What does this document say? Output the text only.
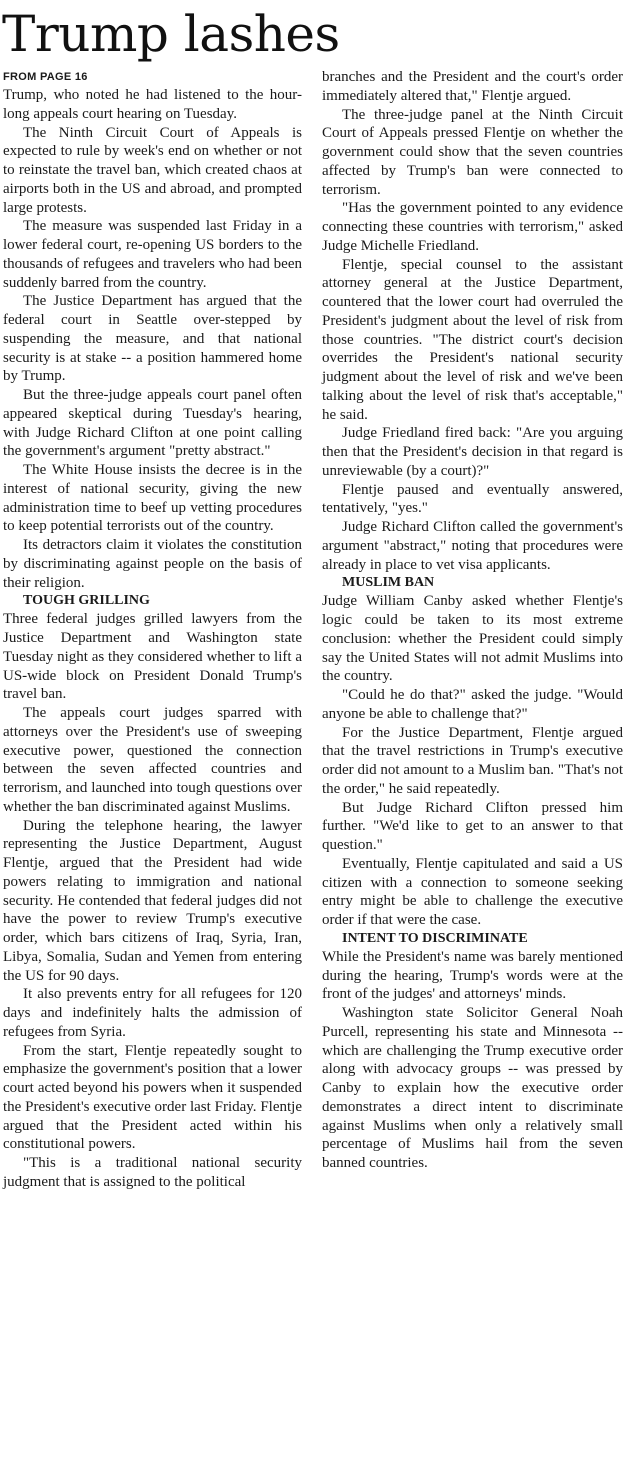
Trump lashes
FROM PAGE 16

Trump, who noted he had listened to the hour-long appeals court hearing on Tuesday.

The Ninth Circuit Court of Appeals is expected to rule by week's end on whether or not to reinstate the travel ban, which created chaos at airports both in the US and abroad, and prompted large protests.

The measure was suspended last Friday in a lower federal court, re-opening US borders to the thousands of refugees and travelers who had been suddenly barred from the country.

The Justice Department has argued that the federal court in Seattle over-stepped by suspending the measure, and that national security is at stake -- a position hammered home by Trump.

But the three-judge appeals court panel often appeared skeptical during Tuesday's hearing, with Judge Richard Clifton at one point calling the government's argument "pretty abstract."

The White House insists the decree is in the interest of national security, giving the new administration time to beef up vetting procedures to keep potential terrorists out of the country.

Its detractors claim it violates the constitution by discriminating against people on the basis of their religion.

TOUGH GRILLING

Three federal judges grilled lawyers from the Justice Department and Washington state Tuesday night as they considered whether to lift a US-wide block on President Donald Trump's travel ban.

The appeals court judges sparred with attorneys over the President's use of sweeping executive power, questioned the connection between the seven affected countries and terrorism, and launched into tough questions over whether the ban discriminated against Muslims.

During the telephone hearing, the lawyer representing the Justice Department, August Flentje, argued that the President had wide powers relating to immigration and national security. He contended that federal judges did not have the power to review Trump's executive order, which bars citizens of Iraq, Syria, Iran, Libya, Somalia, Sudan and Yemen from entering the US for 90 days.

It also prevents entry for all refugees for 120 days and indefinitely halts the admission of refugees from Syria.

From the start, Flentje repeatedly sought to emphasize the government's position that a lower court acted beyond his powers when it suspended the President's executive order last Friday. Flentje argued that the President acted within his constitutional powers.

"This is a traditional national security judgment that is assigned to the political

branches and the President and the court's order immediately altered that," Flentje argued.

The three-judge panel at the Ninth Circuit Court of Appeals pressed Flentje on whether the government could show that the seven countries affected by Trump's ban were connected to terrorism.

"Has the government pointed to any evidence connecting these countries with terrorism," asked Judge Michelle Friedland.

Flentje, special counsel to the assistant attorney general at the Justice Department, countered that the lower court had overruled the President's judgment about the level of risk from those countries. "The district court's decision overrides the President's national security judgment about the level of risk and we've been talking about the level of risk that's acceptable," he said.

Judge Friedland fired back: "Are you arguing then that the President's decision in that regard is unreviewable (by a court)?"

Flentje paused and eventually answered, tentatively, "yes."

Judge Richard Clifton called the government's argument "abstract," noting that procedures were already in place to vet visa applicants.

MUSLIM BAN

Judge William Canby asked whether Flentje's logic could be taken to its most extreme conclusion: whether the President could simply say the United States will not admit Muslims into the country.

"Could he do that?" asked the judge. "Would anyone be able to challenge that?"

For the Justice Department, Flentje argued that the travel restrictions in Trump's executive order did not amount to a Muslim ban. "That's not the order," he said repeatedly.

But Judge Richard Clifton pressed him further. "We'd like to get to an answer to that question."

Eventually, Flentje capitulated and said a US citizen with a connection to someone seeking entry might be able to challenge the executive order if that were the case.

INTENT TO DISCRIMINATE

While the President's name was barely mentioned during the hearing, Trump's words were at the front of the judges' and attorneys' minds.

Washington state Solicitor General Noah Purcell, representing his state and Minnesota -- which are challenging the Trump executive order along with advocacy groups -- was pressed by Canby to explain how the executive order demonstrates a direct intent to discriminate against Muslims when only a relatively small percentage of Muslims hail from the seven banned countries.
